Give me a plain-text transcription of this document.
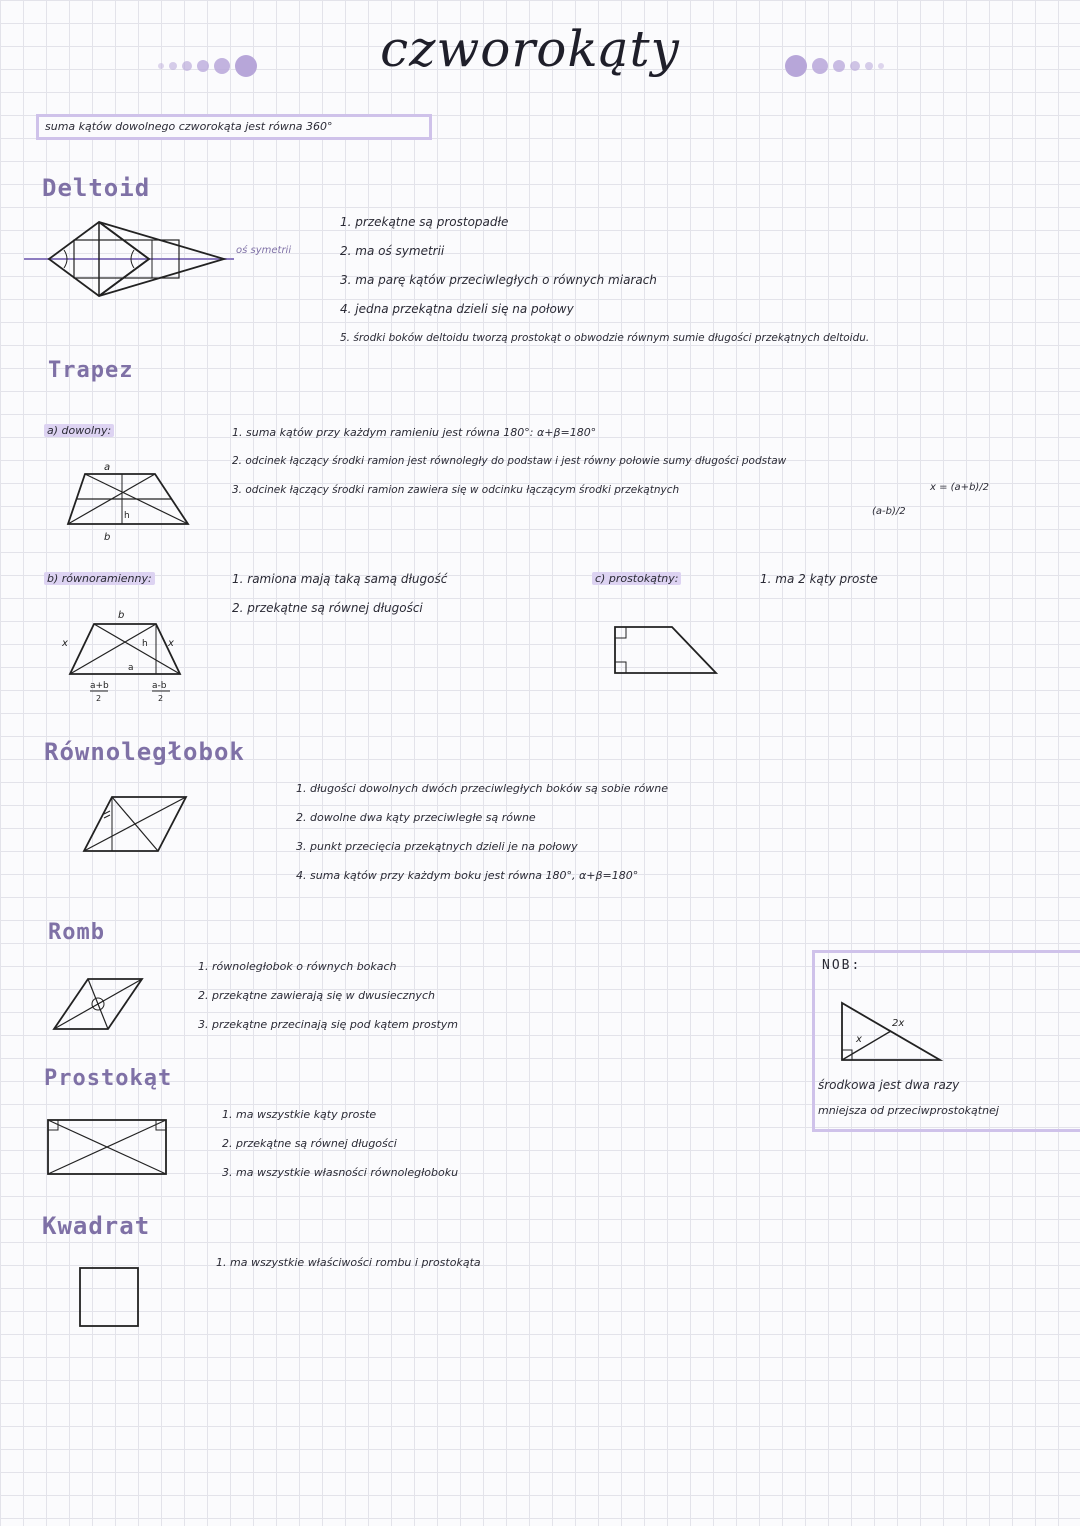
czworokąty
suma kątów dowolnego czworokąta jest równa 360°
Deltoid
oś symetrii
1. przekątne są prostopadłe
2. ma oś symetrii
3. ma parę kątów przeciwległych o równych miarach
4. jedna przekątna dzieli się na połowy
5. środki boków deltoidu tworzą prostokąt o obwodzie równym sumie długości przekątnych deltoidu.
Trapez
a) dowolny:
a
h
b
1. suma kątów przy każdym ramieniu jest równa 180°: α+β=180°
2. odcinek łączący środki ramion jest równoległy do podstaw i jest równy połowie sumy długości podstaw
3. odcinek łączący środki ramion zawiera się w odcinku łączącym środki przekątnych	x = (a+b)/2
(a-b)/2
b) równoramienny:
b
x	x
h
a
a+b
2
a-b
2
1. ramiona mają taką samą długość
2. przekątne są równej długości
c) prostokątny:	1. ma 2 kąty proste
Równoległobok
1. długości dowolnych dwóch przeciwległych boków są sobie równe
2. dowolne dwa kąty przeciwległe są równe
3. punkt przecięcia przekątnych dzieli je na połowy
4. suma kątów przy każdym boku jest równa 180°, α+β=180°
Romb
1. równoległobok o równych bokach
2. przekątne zawierają się w dwusiecznych
3. przekątne przecinają się pod kątem prostym
NOB:
x
2x
środkowa jest dwa razy
mniejsza od przeciwprostokątnej
Prostokąt
1. ma wszystkie kąty proste
2. przekątne są równej długości
3. ma wszystkie własności równoległoboku
Kwadrat
1. ma wszystkie właściwości rombu i prostokąta
